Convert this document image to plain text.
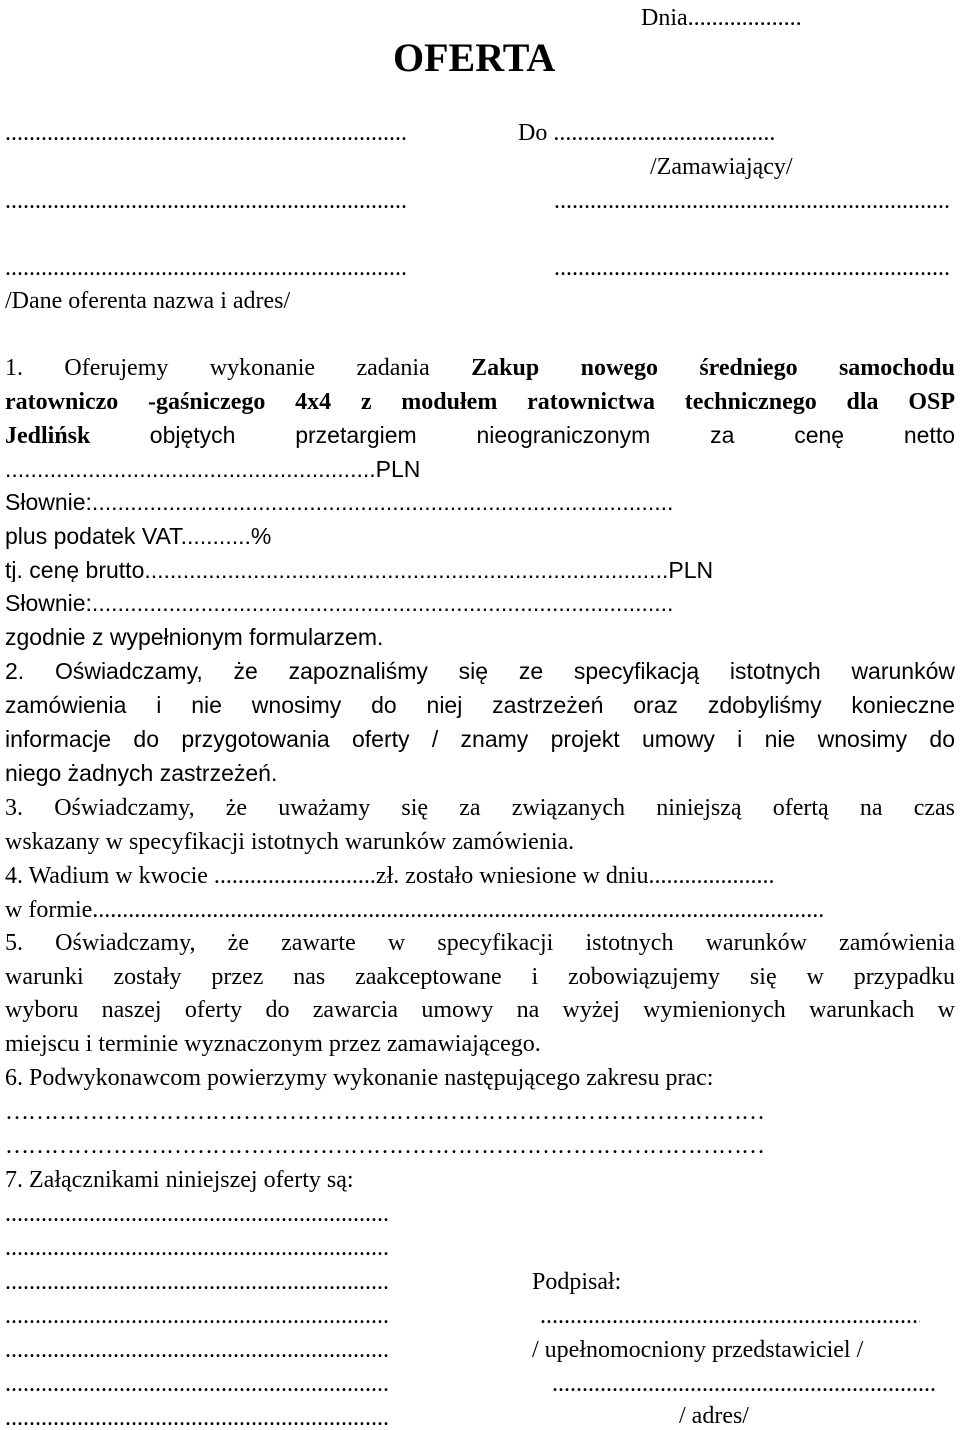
Dnia...................
OFERTA
.....
Do .....................................
/Zamawiający/
.....
.....
.....
.....
/Dane oferenta nazwa i adres/
1. Oferujemy wykonanie zadania Zakup nowego średniego samochodu
ratowniczo -gaśniczego 4x4 z modułem ratownictwa technicznego dla OSP
Jedlińsk	objętych przetargiem nieograniczonym za cenę netto
..........................................................PLN
Słownie:...........................................................................................
plus podatek VAT...........%
tj. cenę brutto..................................................................................PLN
Słownie:...........................................................................................
zgodnie z wypełnionym formularzem.
2. Oświadczamy, że zapoznaliśmy się ze specyfikacją istotnych warunków
zamówienia i nie wnosimy do niej zastrzeżeń oraz zdobyliśmy konieczne
informacje do przygotowania oferty / znamy projekt umowy i nie wnosimy do
niego żadnych zastrzeżeń.
3. Oświadczamy, że uważamy się za związanych niniejszą ofertą na czas
wskazany w specyfikacji istotnych warunków zamówienia.
4. Wadium w kwocie ...........................zł. zostało wniesione w dniu.....................
w formie..........................................................................................................................
5. Oświadczamy, że zawarte w specyfikacji istotnych warunków zamówienia
warunki zostały przez nas zaakceptowane i zobowiązujemy się w przypadku
wyboru naszej oferty do zawarcia umowy na wyżej wymienionych warunkach w
miejscu i terminie wyznaczonym przez zamawiającego.
6. Podwykonawcom powierzymy wykonanie następującego zakresu prac:
………………………………………………………………………………………
………………………………………………………………………………………
7. Załącznikami niniejszej oferty są:
.....
.....
.....
.....
.....
.....
.....
Podpisał:
.....
/ upełnomocniony przedstawiciel /
.....
/ adres/
